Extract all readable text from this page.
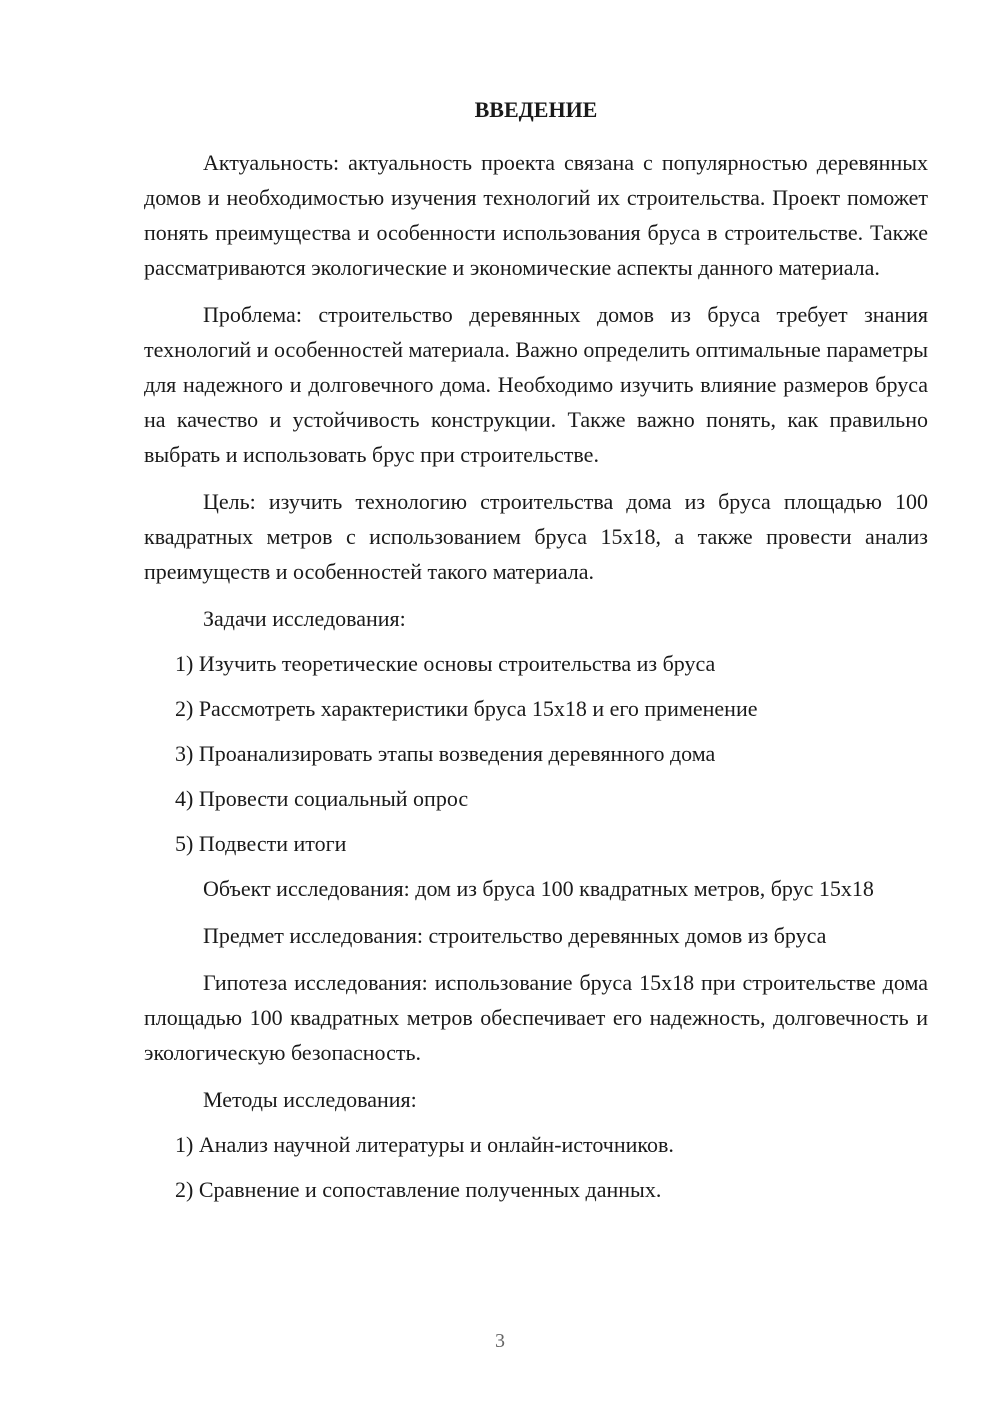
ВВЕДЕНИЕ

Актуальность: актуальность проекта связана с популярностью деревянных домов и необходимостью изучения технологий их строительства. Проект поможет понять преимущества и особенности использования бруса в строительстве. Также рассматриваются экологические и экономические аспекты данного материала.

Проблема: строительство деревянных домов из бруса требует знания технологий и особенностей материала. Важно определить оптимальные параметры для надежного и долговечного дома. Необходимо изучить влияние размеров бруса на качество и устойчивость конструкции. Также важно понять, как правильно выбрать и использовать брус при строительстве.

Цель: изучить технологию строительства дома из бруса площадью 100 квадратных метров с использованием бруса 15х18, а также провести анализ преимуществ и особенностей такого материала.

Задачи исследования:

1) Изучить теоретические основы строительства из бруса
2) Рассмотреть характеристики бруса 15х18 и его применение
3) Проанализировать этапы возведения деревянного дома
4) Провести социальный опрос
5) Подвести итоги

Объект исследования: дом из бруса 100 квадратных метров, брус 15х18

Предмет исследования: строительство деревянных домов из бруса

Гипотеза исследования: использование бруса 15х18 при строительстве дома площадью 100 квадратных метров обеспечивает его надежность, долговечность и экологическую безопасность.

Методы исследования:

1) Анализ научной литературы и онлайн-источников.
2) Сравнение и сопоставление полученных данных.
3
